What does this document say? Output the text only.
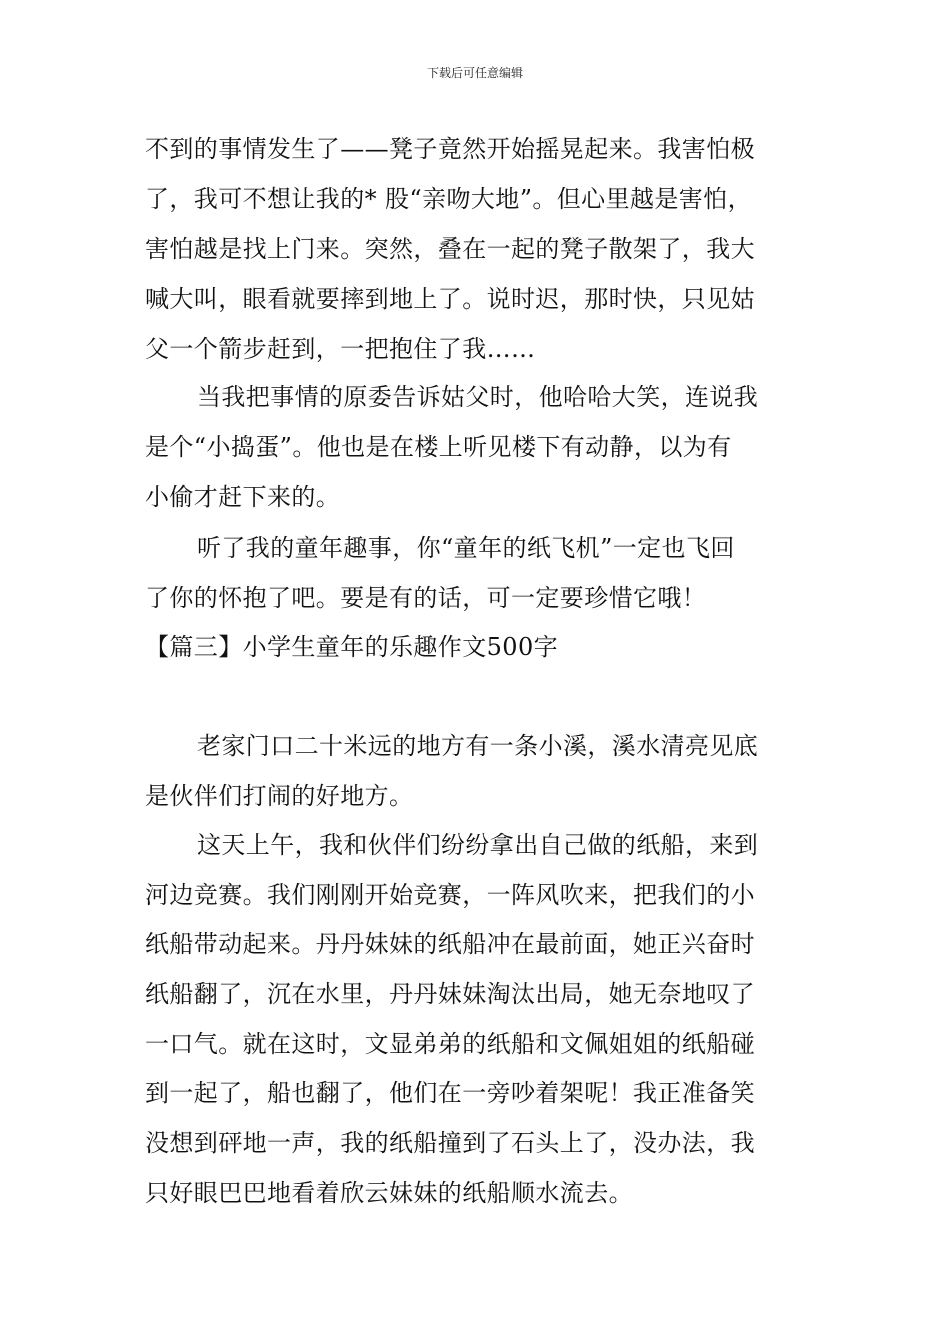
下载后可任意编辑
不到的事情发生了——凳子竟然开始摇晃起来。我害怕极
了，我可不想让我的* 股“亲吻大地”。但心里越是害怕，
害怕越是找上门来。突然，叠在一起的凳子散架了，我大
喊大叫，眼看就要摔到地上了。说时迟，那时快，只见姑
父一个箭步赶到，一把抱住了我……
当我把事情的原委告诉姑父时，他哈哈大笑，连说我
是个“小捣蛋”。他也是在楼上听见楼下有动静，以为有
小偷才赶下来的。
听了我的童年趣事，你“童年的纸飞机”一定也飞回
了你的怀抱了吧。要是有的话，可一定要珍惜它哦！
【篇三】小学生童年的乐趣作文500字
老家门口二十米远的地方有一条小溪，溪水清亮见底
是伙伴们打闹的好地方。
这天上午，我和伙伴们纷纷拿出自己做的纸船，来到
河边竞赛。我们刚刚开始竞赛，一阵风吹来，把我们的小
纸船带动起来。丹丹妹妹的纸船冲在最前面，她正兴奋时
纸船翻了，沉在水里，丹丹妹妹淘汰出局，她无奈地叹了
一口气。就在这时，文显弟弟的纸船和文佩姐姐的纸船碰
到一起了，船也翻了，他们在一旁吵着架呢！我正准备笑
没想到砰地一声，我的纸船撞到了石头上了，没办法，我
只好眼巴巴地看着欣云妹妹的纸船顺水流去。
